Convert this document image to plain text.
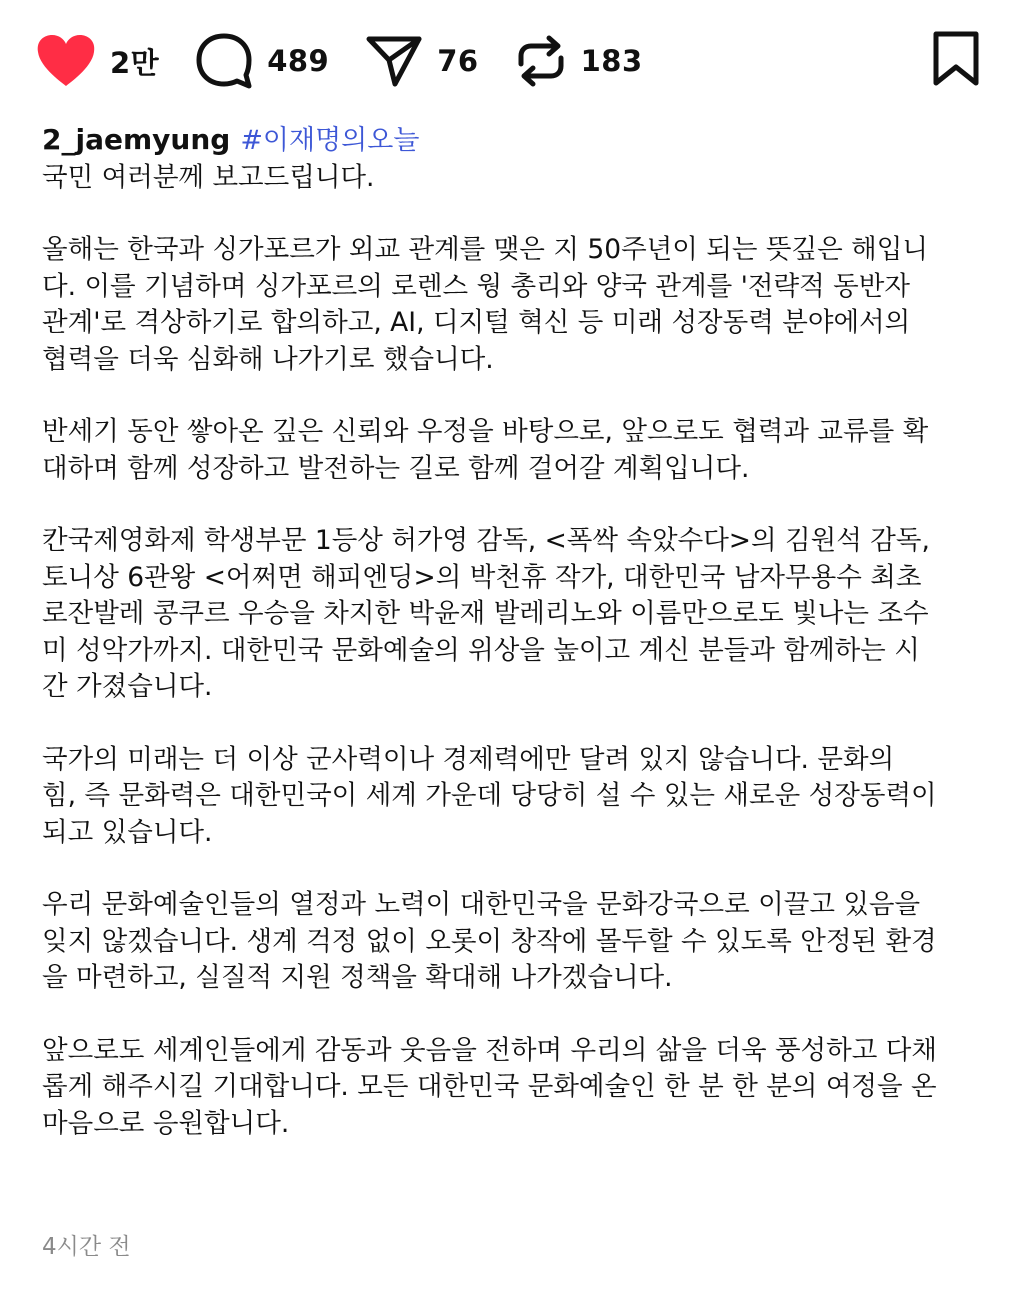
2만	489	76	183
2_jaemyung #이재명의오늘

국민 여러분께 보고드립니다.

올해는 한국과 싱가포르가 외교 관계를 맺은 지 50주년이 되는 뜻깊은 해입니
다. 이를 기념하며 싱가포르의 로렌스 웡 총리와 양국 관계를 '전략적 동반자
관계'로 격상하기로 합의하고, AI, 디지털 혁신 등 미래 성장동력 분야에서의
협력을 더욱 심화해 나가기로 했습니다.

반세기 동안 쌓아온 깊은 신뢰와 우정을 바탕으로, 앞으로도 협력과 교류를 확
대하며 함께 성장하고 발전하는 길로 함께 걸어갈 계획입니다.

칸국제영화제 학생부문 1등상 허가영 감독, <폭싹 속았수다>의 김원석 감독,
토니상 6관왕 <어쩌면 해피엔딩>의 박천휴 작가, 대한민국 남자무용수 최초
로잔발레 콩쿠르 우승을 차지한 박윤재 발레리노와 이름만으로도 빛나는 조수
미 성악가까지. 대한민국 문화예술의 위상을 높이고 계신 분들과 함께하는 시
간 가졌습니다.

국가의 미래는 더 이상 군사력이나 경제력에만 달려 있지 않습니다. 문화의
힘, 즉 문화력은 대한민국이 세계 가운데 당당히 설 수 있는 새로운 성장동력이
되고 있습니다.

우리 문화예술인들의 열정과 노력이 대한민국을 문화강국으로 이끌고 있음을
잊지 않겠습니다. 생계 걱정 없이 오롯이 창작에 몰두할 수 있도록 안정된 환경
을 마련하고, 실질적 지원 정책을 확대해 나가겠습니다.

앞으로도 세계인들에게 감동과 웃음을 전하며 우리의 삶을 더욱 풍성하고 다채
롭게 해주시길 기대합니다. 모든 대한민국 문화예술인 한 분 한 분의 여정을 온
마음으로 응원합니다.

4시간 전
